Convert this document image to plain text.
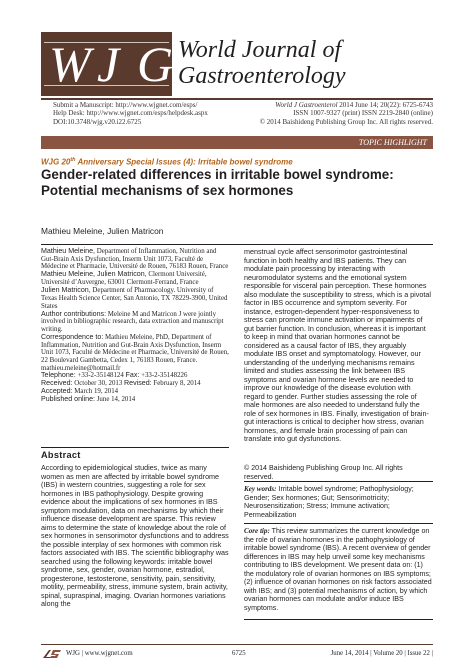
W J G World Journal of
Gastroenterology
Submit a Manuscript: http://www.wjgnet.com/esps/
Help Desk: http://www.wjgnet.com/esps/helpdesk.aspx
DOI:10.3748/wjg.v20.i22.6725
World J Gastroenterol 2014 June 14; 20(22): 6725-6743
ISSN 1007-9327 (print) ISSN 2219-2840 (online)
© 2014 Baishideng Publishing Group Inc. All rights reserved.
TOPIC HIGHLIGHT
WJG 20th Anniversary Special Issues (4): Irritable bowel syndrome
Gender-related differences in irritable bowel syndrome:
Potential mechanisms of sex hormones
Mathieu Meleine, Julien Matricon

Mathieu Meleine, Department of Inflammation, Nutrition and Gut-Brain Axis Dysfunction, Inserm Unit 1073, Faculté de Médecine et Pharmacie, Université de Rouen, 76183 Rouen, France

Mathieu Meleine, Julien Matricon, Clermont Université, Université d’Auvergne, 63001 Clermont-Ferrand, France

Julien Matricon, Department of Pharmacology. University of Texas Health Science Center, San Antonio, TX 78229-3900, United States

Author contributions: Meleine M and Matricon J were jointly involved in bibliographic research, data extraction and manuscript writing.

Correspondence to: Mathieu Meleine, PhD, Department of Inflammation, Nutrition and Gut-Brain Axis Dysfunction, Inserm Unit 1073, Faculté de Médecine et Pharmacie, Université de Rouen, 22 Boulevard Gambetta, Cedex 1, 76183 Rouen, France. mathieu.meleine@hotmail.fr

Telephone: +33-2-35148124 Fax: +33-2-35148226

Received: October 30, 2013 Revised: February 8, 2014

Accepted: March 19, 2014

Published online: June 14, 2014

Abstract
According to epidemiological studies, twice as many women as men are affected by irritable bowel syndrome (IBS) in western countries, suggesting a role for sex hormones in IBS pathophysiology. Despite growing evidence about the implications of sex hormones in IBS symptom modulation, data on mechanisms by which their influence disease development are sparse. This review aims to determine the state of knowledge about the role of sex hormones in sensorimotor dysfunctions and to address the possible interplay of sex hormones with common risk factors associated with IBS. The scientific bibliography was searched using the following keywords: irritable bowel syndrome, sex, gender, ovarian hormone, estradiol, progesterone, testosterone, sensitivity, pain, sensitivity, motility, permeability, stress, immune system, brain activity, spinal, supraspinal, imaging. Ovarian hormones variations along the
menstrual cycle affect sensorimotor gastrointestinal function in both healthy and IBS patients. They can modulate pain processing by interacting with neuromodulator systems and the emotional system responsible for visceral pain perception. These hormones also modulate the susceptibility to stress, which is a pivotal factor in IBS occurrence and symptom severity. For instance, estrogen-dependent hyper-responsiveness to stress can promote immune activation or impairments of gut barrier function. In conclusion, whereas it is important to keep in mind that ovarian hormones cannot be considered as a causal factor of IBS, they arguably modulate IBS onset and symptomatology. However, our understanding of the underlying mechanisms remains limited and studies assessing the link between IBS symptoms and ovarian hormone levels are needed to improve our knowledge of the disease evolution with regard to gender. Further studies assessing the role of male hormones are also needed to understand fully the role of sex hormones in IBS. Finally, investigation of brain-gut interactions is critical to decipher how stress, ovarian hormones, and female brain processing of pain can translate into gut dysfunctions.
© 2014 Baishideng Publishing Group Inc. All rights reserved.
Key words: Irritable bowel syndrome; Pathophysiology; Gender; Sex hormones; Gut; Sensorimotricity; Neurosensitization; Stress; Immune activation; Permeabilization
Core tip: This review summarizes the current knowledge on the role of ovarian hormones in the pathophysiology of irritable bowel syndrome (IBS). A recent overview of gender differences in IBS may help unveil some key mechanisms contributing to IBS development. We present data on: (1) the modulatory role of ovarian hormones on IBS symptoms; (2) influence of ovarian hormones on risk factors associated with IBS; and (3) potential mechanisms of action, by which ovarian hormones can modulate and/or induce IBS symptoms.
WJG | www.wjgnet.com	6725	June 14, 2014 | Volume 20 | Issue 22 |
